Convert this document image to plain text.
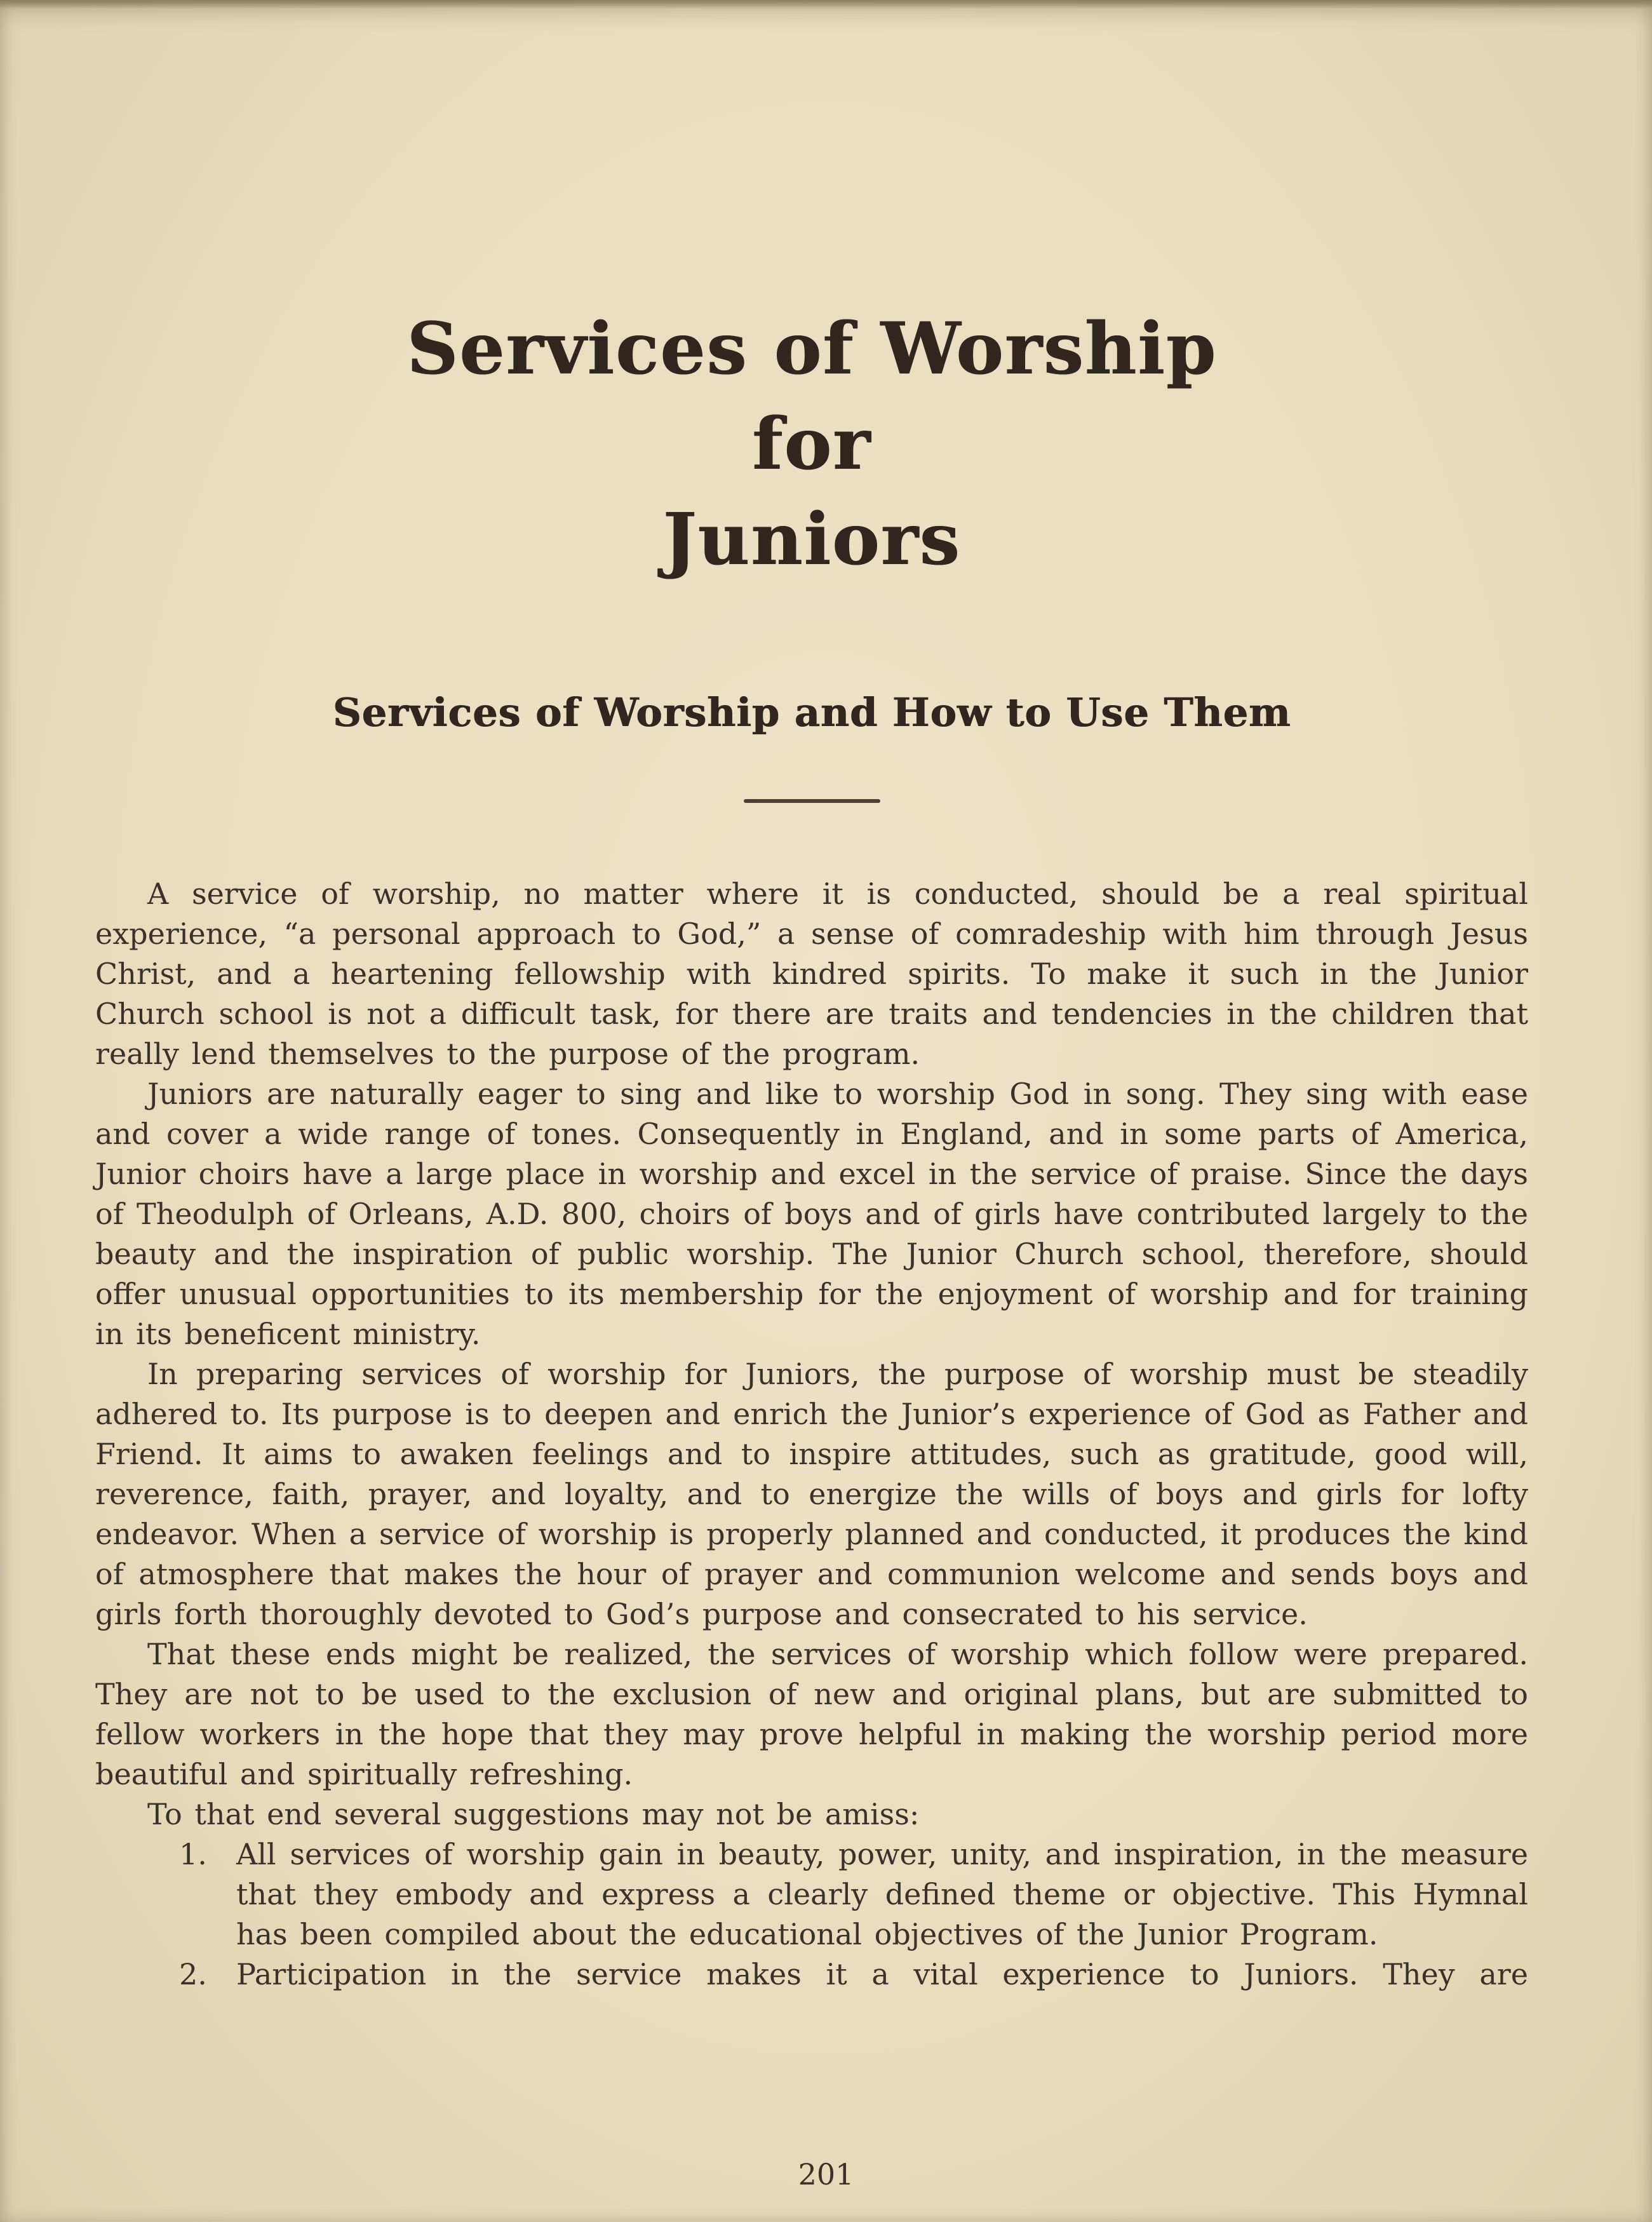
Services of Worship
for
Juniors
Services of Worship and How to Use Them

A service of worship, no matter where it is conducted, should be a real spiritual experience, “a personal approach to God,” a sense of comradeship with him through Jesus Christ, and a heartening fellowship with kindred spirits. To make it such in the Junior Church school is not a difficult task, for there are traits and tendencies in the children that really lend themselves to the purpose of the program.

Juniors are naturally eager to sing and like to worship God in song. They sing with ease and cover a wide range of tones. Consequently in England, and in some parts of America, Junior choirs have a large place in worship and excel in the service of praise. Since the days of Theodulph of Orleans, A.D. 800, choirs of boys and of girls have contributed largely to the beauty and the inspiration of public worship. The Junior Church school, therefore, should offer unusual opportunities to its membership for the enjoyment of worship and for training in its beneficent ministry.

In preparing services of worship for Juniors, the purpose of worship must be steadily adhered to. Its purpose is to deepen and enrich the Junior’s experience of God as Father and Friend. It aims to awaken feelings and to inspire attitudes, such as gratitude, good will, reverence, faith, prayer, and loyalty, and to energize the wills of boys and girls for lofty endeavor. When a service of worship is properly planned and conducted, it produces the kind of atmosphere that makes the hour of prayer and communion welcome and sends boys and girls forth thoroughly devoted to God’s purpose and consecrated to his service.

That these ends might be realized, the services of worship which follow were prepared. They are not to be used to the exclusion of new and original plans, but are submitted to fellow workers in the hope that they may prove helpful in making the worship period more beautiful and spiritually refreshing.

To that end several suggestions may not be amiss:

1. All services of worship gain in beauty, power, unity, and inspiration, in the measure that they embody and express a clearly defined theme or objective. This Hymnal has been compiled about the educational objectives of the Junior Program.
2. Participation in the service makes it a vital experience to Juniors. They are
201
